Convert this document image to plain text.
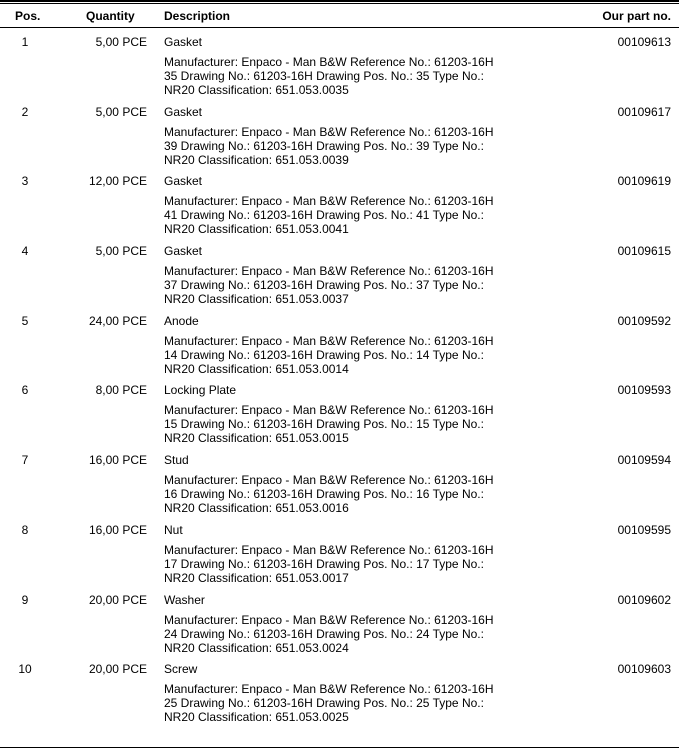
Pos.	Quantity Description	Our part no.
1	5,00 PCE Gasket	00109613
Manufacturer: Enpaco - Man B&W Reference No.: 61203-16H
35 Drawing No.: 61203-16H Drawing Pos. No.: 35 Type No.:
NR20 Classification: 651.053.0035
2	5,00 PCE Gasket	00109617
Manufacturer: Enpaco - Man B&W Reference No.: 61203-16H
39 Drawing No.: 61203-16H Drawing Pos. No.: 39 Type No.:
NR20 Classification: 651.053.0039
3	12,00 PCE Gasket	00109619
Manufacturer: Enpaco - Man B&W Reference No.: 61203-16H
41 Drawing No.: 61203-16H Drawing Pos. No.: 41 Type No.:
NR20 Classification: 651.053.0041
4	5,00 PCE Gasket	00109615
Manufacturer: Enpaco - Man B&W Reference No.: 61203-16H
37 Drawing No.: 61203-16H Drawing Pos. No.: 37 Type No.:
NR20 Classification: 651.053.0037
5	24,00 PCE Anode	00109592
Manufacturer: Enpaco - Man B&W Reference No.: 61203-16H
14 Drawing No.: 61203-16H Drawing Pos. No.: 14 Type No.:
NR20 Classification: 651.053.0014
6	8,00 PCE Locking Plate	00109593
Manufacturer: Enpaco - Man B&W Reference No.: 61203-16H
15 Drawing No.: 61203-16H Drawing Pos. No.: 15 Type No.:
NR20 Classification: 651.053.0015
7	16,00 PCE Stud	00109594
Manufacturer: Enpaco - Man B&W Reference No.: 61203-16H
16 Drawing No.: 61203-16H Drawing Pos. No.: 16 Type No.:
NR20 Classification: 651.053.0016
8	16,00 PCE Nut	00109595
Manufacturer: Enpaco - Man B&W Reference No.: 61203-16H
17 Drawing No.: 61203-16H Drawing Pos. No.: 17 Type No.:
NR20 Classification: 651.053.0017
9	20,00 PCE Washer	00109602
Manufacturer: Enpaco - Man B&W Reference No.: 61203-16H
24 Drawing No.: 61203-16H Drawing Pos. No.: 24 Type No.:
NR20 Classification: 651.053.0024
10	20,00 PCE Screw	00109603
Manufacturer: Enpaco - Man B&W Reference No.: 61203-16H
25 Drawing No.: 61203-16H Drawing Pos. No.: 25 Type No.:
NR20 Classification: 651.053.0025
